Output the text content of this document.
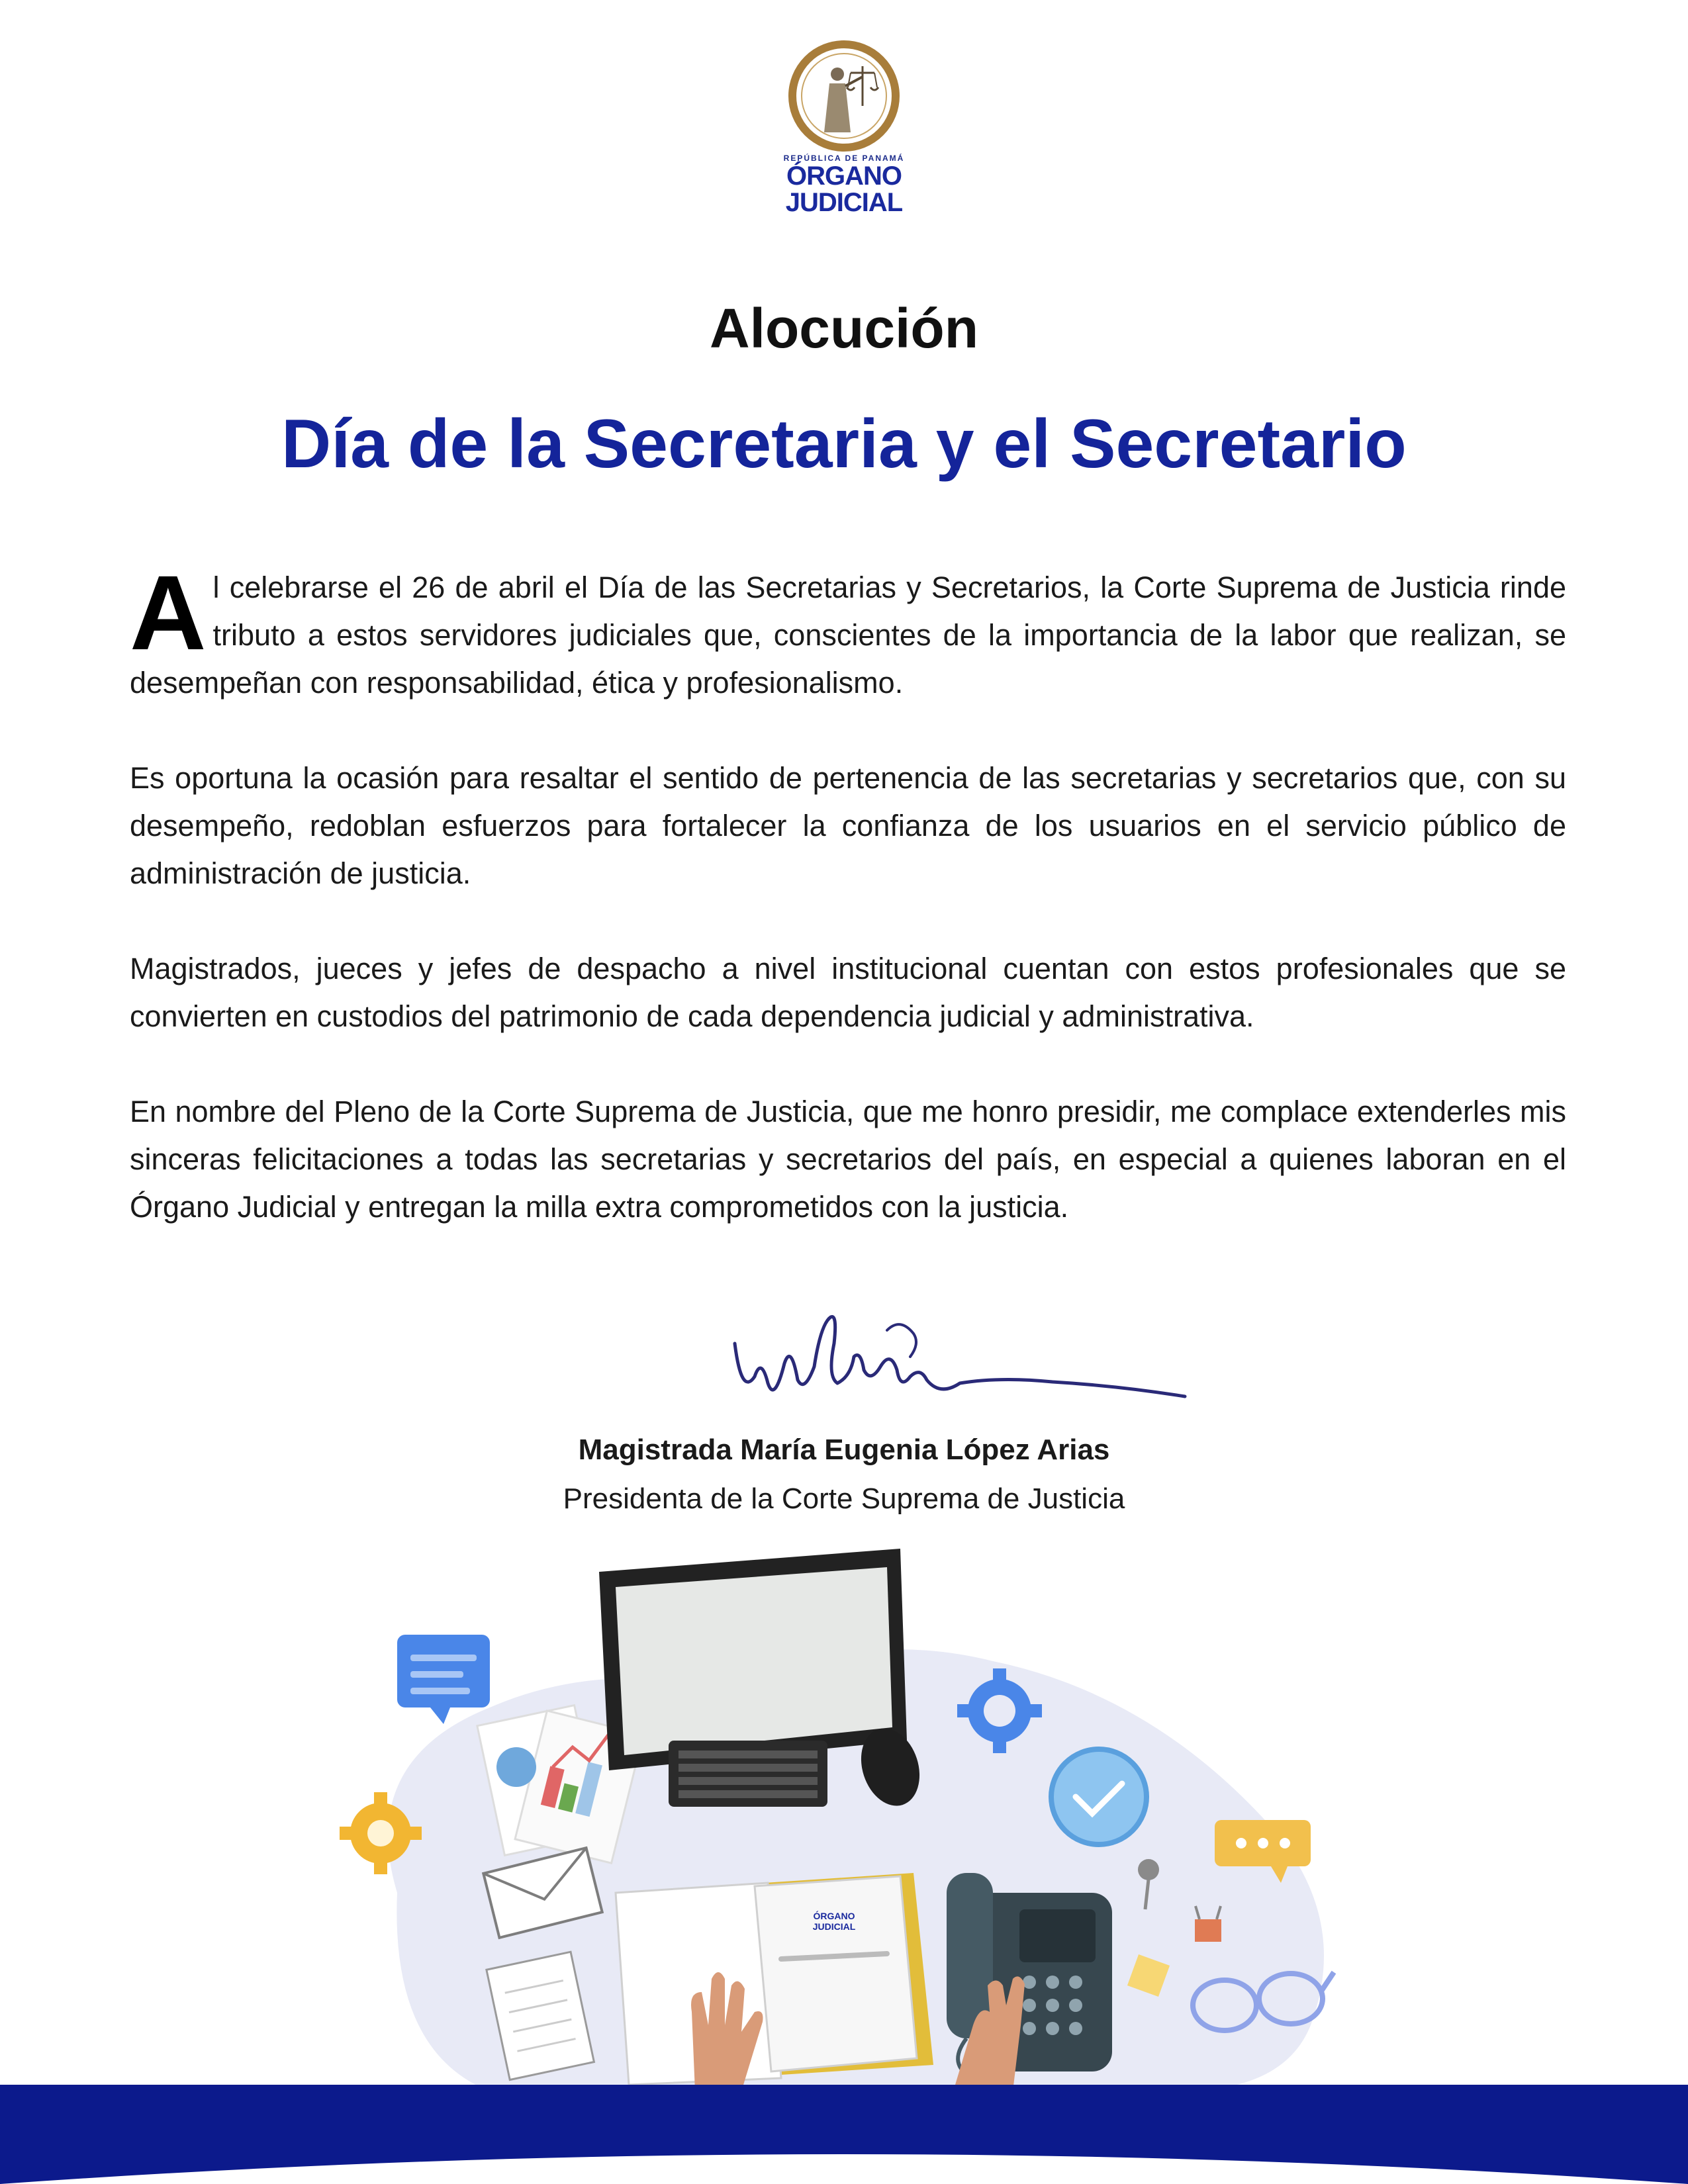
REPÚBLICA DE PANAMÁ
ÓRGANO
JUDICIAL
Alocución
Día de la Secretaria y el Secretario

Al celebrarse el 26 de abril el Día de las Secretarias y Secretarios, la Corte Suprema de Justicia rinde tributo a estos servidores judiciales que, conscientes de la importancia de la labor que realizan, se desempeñan con responsabilidad, ética y profesionalismo.

Es oportuna la ocasión para resaltar el sentido de pertenencia de las secretarias y secretarios que, con su desempeño, redoblan esfuerzos para fortalecer la confianza de los usuarios en el servicio público de administración de justicia.

Magistrados, jueces y jefes de despacho a nivel institucional cuentan con estos profesionales que se convierten en custodios del patrimonio de cada dependencia judicial y administrativa.

En nombre del Pleno de la Corte Suprema de Justicia, que me honro presidir, me complace extenderles mis sinceras felicitaciones a todas las secretarias y secretarios del país, en especial a quienes laboran en el Órgano Judicial y entregan la milla extra comprometidos con la justicia.

Magistrada María Eugenia López Arias
Presidenta de la Corte Suprema de Justicia
ÓRGANO
JUDICIAL
